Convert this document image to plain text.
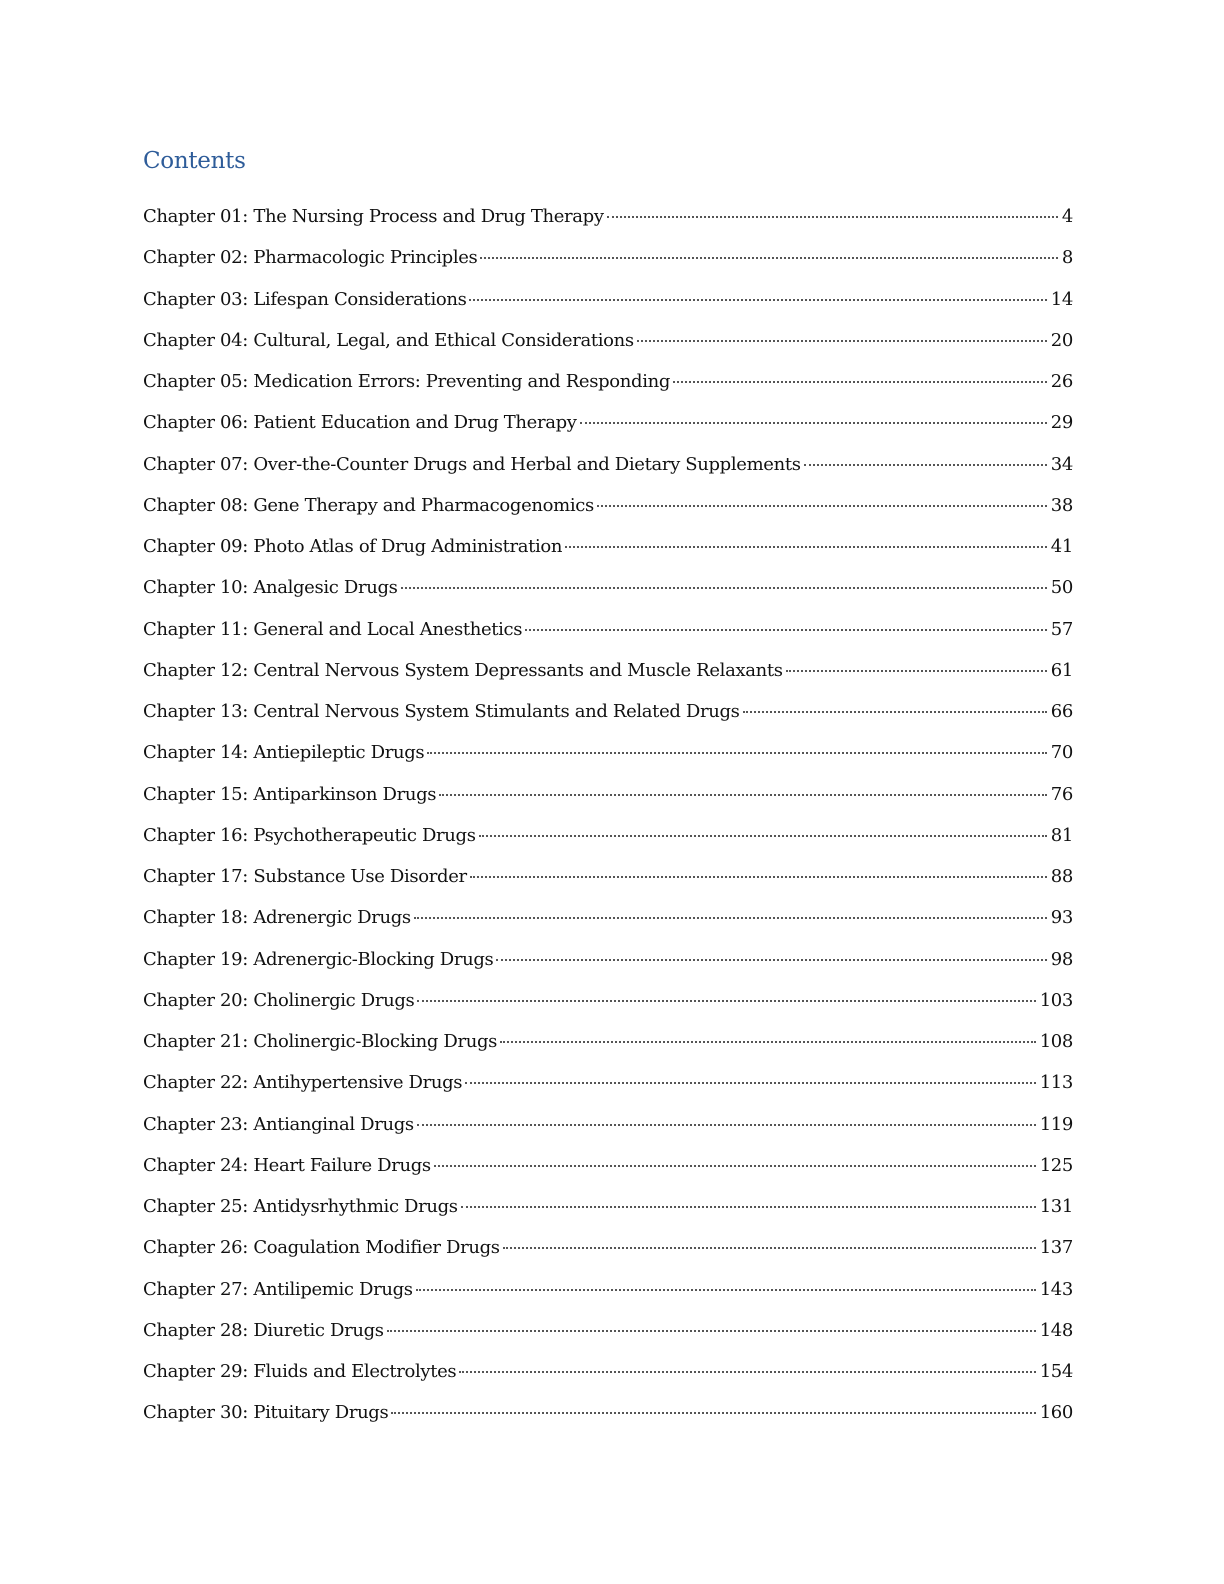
Contents
Chapter 01: The Nursing Process and Drug Therapy	4
Chapter 02: Pharmacologic Principles	8
Chapter 03: Lifespan Considerations	14
Chapter 04: Cultural, Legal, and Ethical Considerations	20
Chapter 05: Medication Errors: Preventing and Responding	26
Chapter 06: Patient Education and Drug Therapy	29
Chapter 07: Over-the-Counter Drugs and Herbal and Dietary Supplements	34
Chapter 08: Gene Therapy and Pharmacogenomics	38
Chapter 09: Photo Atlas of Drug Administration	41
Chapter 10: Analgesic Drugs	50
Chapter 11: General and Local Anesthetics	57
Chapter 12: Central Nervous System Depressants and Muscle Relaxants	61
Chapter 13: Central Nervous System Stimulants and Related Drugs	66
Chapter 14: Antiepileptic Drugs	70
Chapter 15: Antiparkinson Drugs	76
Chapter 16: Psychotherapeutic Drugs	81
Chapter 17: Substance Use Disorder	88
Chapter 18: Adrenergic Drugs	93
Chapter 19: Adrenergic-Blocking Drugs	98
Chapter 20: Cholinergic Drugs	103
Chapter 21: Cholinergic-Blocking Drugs	108
Chapter 22: Antihypertensive Drugs	113
Chapter 23: Antianginal Drugs	119
Chapter 24: Heart Failure Drugs	125
Chapter 25: Antidysrhythmic Drugs	131
Chapter 26: Coagulation Modifier Drugs	137
Chapter 27: Antilipemic Drugs	143
Chapter 28: Diuretic Drugs	148
Chapter 29: Fluids and Electrolytes	154
Chapter 30: Pituitary Drugs	160
